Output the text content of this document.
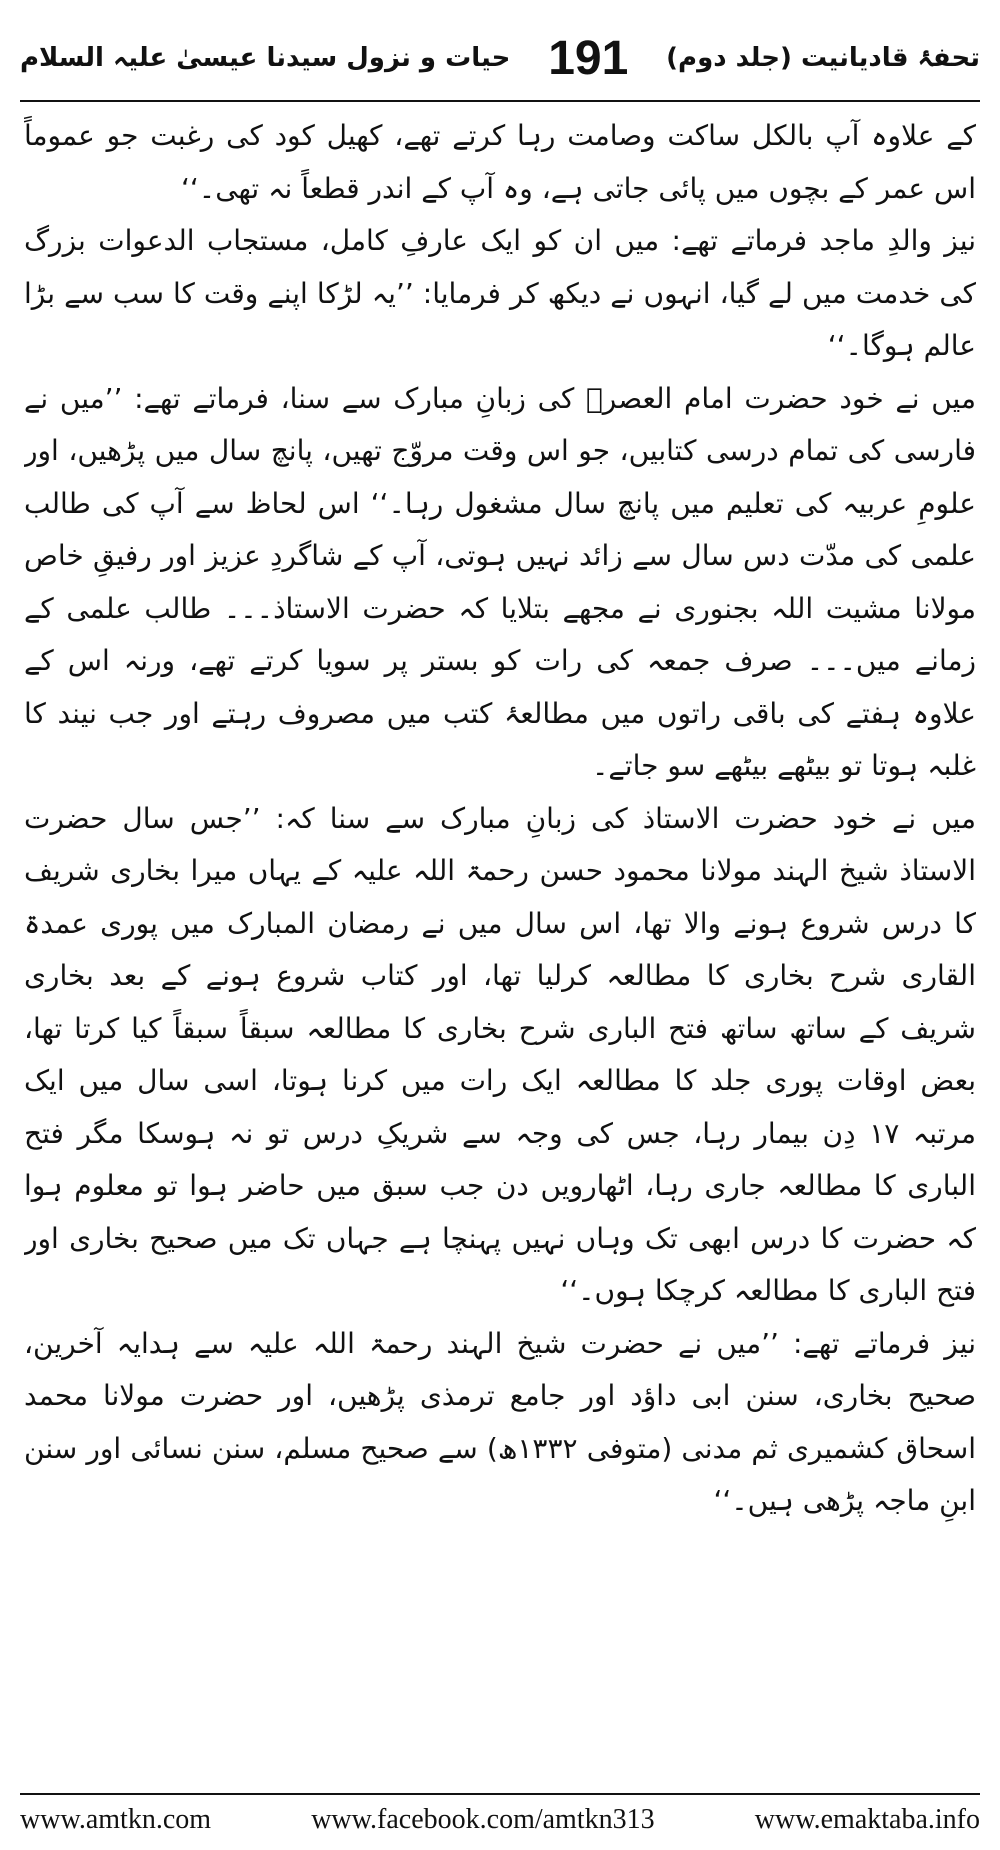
تحفۂ قادیانیت (جلد دوم)
191
حیات و نزول سیدنا عیسیٰ علیہ السلام

کے علاوہ آپ بالکل ساکت وصامت رہا کرتے تھے، کھیل کود کی رغبت جو عموماً اس عمر کے بچوں میں پائی جاتی ہے، وہ آپ کے اندر قطعاً نہ تھی۔‘‘

نیز والدِ ماجد فرماتے تھے: میں ان کو ایک عارفِ کامل، مستجاب الدعوات بزرگ کی خدمت میں لے گیا، انہوں نے دیکھ کر فرمایا: ’’یہ لڑکا اپنے وقت کا سب سے بڑا عالم ہوگا۔‘‘

میں نے خود حضرت امام العصرؒ کی زبانِ مبارک سے سنا، فرماتے تھے: ’’میں نے فارسی کی تمام درسی کتابیں، جو اس وقت مروّج تھیں، پانچ سال میں پڑھیں، اور علومِ عربیہ کی تعلیم میں پانچ سال مشغول رہا۔‘‘ اس لحاظ سے آپ کی طالب علمی کی مدّت دس سال سے زائد نہیں ہوتی، آپ کے شاگردِ عزیز اور رفیقِ خاص مولانا مشیت اللہ بجنوری نے مجھے بتلایا کہ حضرت الاستاذ۔۔۔ طالب علمی کے زمانے میں۔۔۔ صرف جمعہ کی رات کو بستر پر سویا کرتے تھے، ورنہ اس کے علاوہ ہفتے کی باقی راتوں میں مطالعۂ کتب میں مصروف رہتے اور جب نیند کا غلبہ ہوتا تو بیٹھے بیٹھے سو جاتے۔

میں نے خود حضرت الاستاذ کی زبانِ مبارک سے سنا کہ: ’’جس سال حضرت الاستاذ شیخ الہند مولانا محمود حسن رحمۃ اللہ علیہ کے یہاں میرا بخاری شریف کا درس شروع ہونے والا تھا، اس سال میں نے رمضان المبارک میں پوری عمدۃ القاری شرح بخاری کا مطالعہ کرلیا تھا، اور کتاب شروع ہونے کے بعد بخاری شریف کے ساتھ ساتھ فتح الباری شرح بخاری کا مطالعہ سبقاً سبقاً کیا کرتا تھا، بعض اوقات پوری جلد کا مطالعہ ایک رات میں کرنا ہوتا، اسی سال میں ایک مرتبہ ۱۷ دِن بیمار رہا، جس کی وجہ سے شریکِ درس تو نہ ہوسکا مگر فتح الباری کا مطالعہ جاری رہا، اٹھارویں دن جب سبق میں حاضر ہوا تو معلوم ہوا کہ حضرت کا درس ابھی تک وہاں نہیں پہنچا ہے جہاں تک میں صحیح بخاری اور فتح الباری کا مطالعہ کرچکا ہوں۔‘‘

نیز فرماتے تھے: ’’میں نے حضرت شیخ الہند رحمۃ اللہ علیہ سے ہدایہ آخرین، صحیح بخاری، سنن ابی داؤد اور جامع ترمذی پڑھیں، اور حضرت مولانا محمد اسحاق کشمیری ثم مدنی (متوفی ۱۳۳۲ھ) سے صحیح مسلم، سنن نسائی اور سنن ابنِ ماجہ پڑھی ہیں۔‘‘

www.amtkn.com	www.facebook.com/amtkn313	www.emaktaba.info
